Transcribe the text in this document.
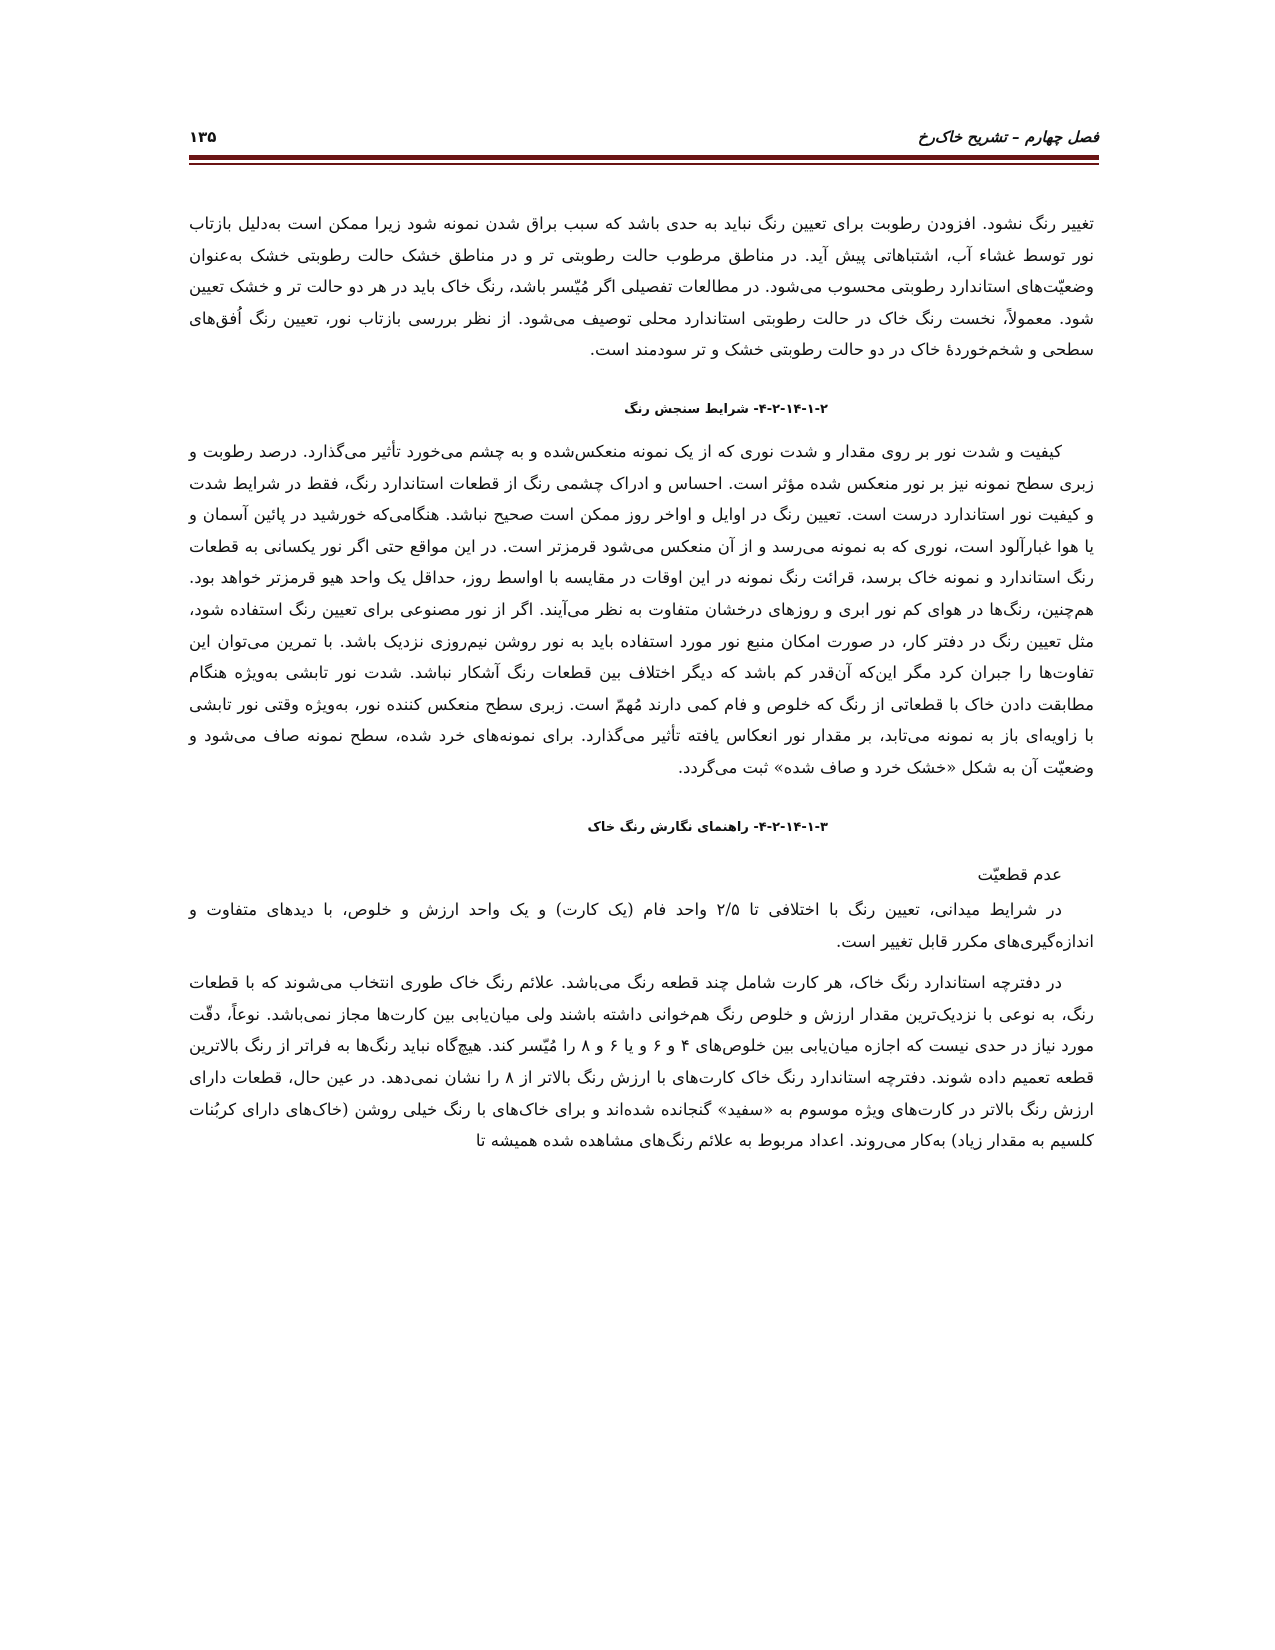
فصل چهارم – تشریح خاک‌رخ
۱۳۵

تغییر رنگ نشود. افزودن رطوبت برای تعیین رنگ نباید به حدی باشد که سبب براق شدن نمونه شود زیرا ممکن است به‌دلیل بازتاب نور توسط غشاء آب، اشتباهاتی پیش آید. در مناطق مرطوب حالت رطوبتی تر و در مناطق خشک حالت رطوبتی خشک به‌عنوان وضعیّت‌های استاندارد رطوبتی محسوب می‌شود. در مطالعات تفصیلی اگر مُیّسر باشد، رنگ خاک باید در هر دو حالت تر و خشک تعیین شود. معمولاً، نخست رنگ خاک در حالت رطوبتی استاندارد محلی توصیف می‌شود. از نظر بررسی بازتاب نور، تعیین رنگ اُفق‌های سطحی و شخم‌خوردهٔ خاک در دو حالت رطوبتی خشک و تر سودمند است.

۴-۲-۱۴-۱-۲- شرایط سنجش رنگ

کیفیت و شدت نور بر روی مقدار و شدت نوری که از یک نمونه منعکس‌شده و به چشم می‌خورد تأثیر می‌گذارد. درصد رطوبت و زبری سطح نمونه نیز بر نور منعکس شده مؤثر است. احساس و ادراک چشمی رنگ از قطعات استاندارد رنگ، فقط در شرایط شدت و کیفیت نور استاندارد درست است. تعیین رنگ در اوایل و اواخر روز ممکن است صحیح نباشد. هنگامی‌که خورشید در پائین آسمان و یا هوا غبارآلود است، نوری که به نمونه می‌رسد و از آن منعکس می‌شود قرمزتر است. در این مواقع حتی اگر نور یکسانی به قطعات رنگ استاندارد و نمونه خاک برسد، قرائت رنگ نمونه در این اوقات در مقایسه با اواسط روز، حداقل یک واحد هیو قرمزتر خواهد بود. هم‌چنین، رنگ‌ها در هوای کم نور ابری و روزهای درخشان متفاوت به نظر می‌آیند. اگر از نور مصنوعی برای تعیین رنگ استفاده شود، مثل تعیین رنگ در دفتر کار، در صورت امکان منبع نور مورد استفاده باید به نور روشن نیم‌روزی نزدیک باشد. با تمرین می‌توان این تفاوت‌ها را جبران کرد مگر این‌که آن‌قدر کم باشد که دیگر اختلاف بین قطعات رنگ آشکار نباشد. شدت نور تابشی به‌ویژه هنگام مطابقت دادن خاک با قطعاتی از رنگ که خلوص و فام کمی دارند مُهمّ است. زبری سطح منعکس کننده نور، به‌ویژه وقتی نور تابشی با زاویه‌ای باز به نمونه می‌تابد، بر مقدار نور انعکاس یافته تأثیر می‌گذارد. برای نمونه‌های خرد شده، سطح نمونه صاف می‌شود و وضعیّت آن به شکل «خشک خرد و صاف شده» ثبت می‌گردد.

۴-۲-۱۴-۱-۳- راهنمای نگارش رنگ خاک

عدم قطعیّت

در شرایط میدانی، تعیین رنگ با اختلافی تا ۲/۵ واحد فام (یک کارت) و یک واحد ارزش و خلوص، با دیدهای متفاوت و اندازه‌گیری‌های مکرر قابل تغییر است.

در دفترچه استاندارد رنگ خاک، هر کارت شامل چند قطعه رنگ می‌باشد. علائم رنگ خاک طوری انتخاب می‌شوند که با قطعات رنگ، به نوعی با نزدیک‌ترین مقدار ارزش و خلوص رنگ هم‌خوانی داشته باشند ولی میان‌یابی بین کارت‌ها مجاز نمی‌باشد. نوعاً، دقّت مورد نیاز در حدی نیست که اجازه میان‌یابی بین خلوص‌های ۴ و ۶ و یا ۶ و ۸ را مُیّسر کند. هیچ‌گاه نباید رنگ‌ها به فراتر از رنگ بالاترین قطعه تعمیم داده شوند. دفترچه استاندارد رنگ خاک کارت‌های با ارزش رنگ بالاتر از ۸ را نشان نمی‌دهد. در عین حال، قطعات دارای ارزش رنگ بالاتر در کارت‌های ویژه موسوم به «سفید» گنجانده شده‌اند و برای خاک‌های با رنگ خیلی روشن (خاک‌های دارای کربُنات کلسیم به مقدار زیاد) به‌کار می‌روند. اعداد مربوط به علائم رنگ‌های مشاهده شده همیشه تا
